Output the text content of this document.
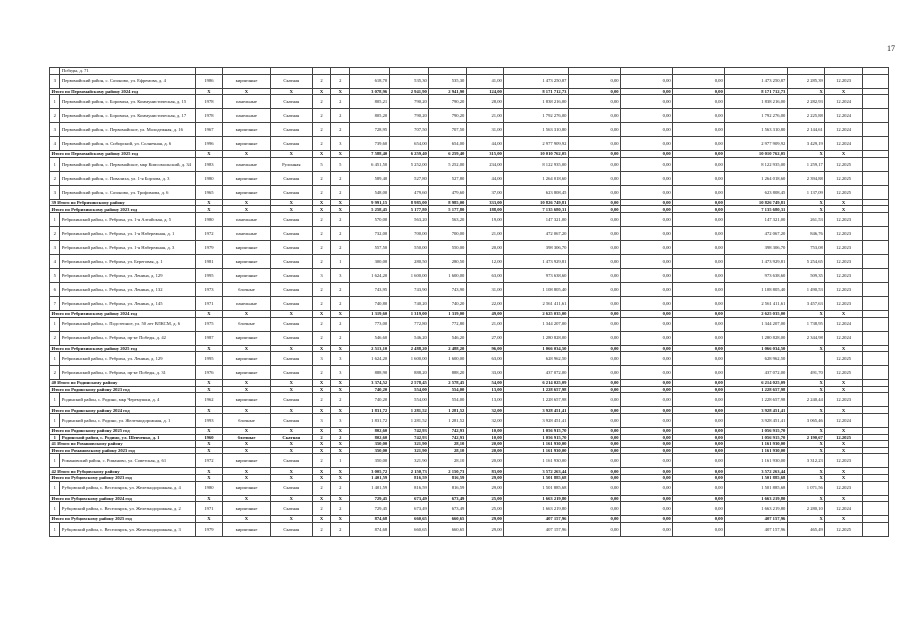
17
	Победы, д. 71																	
3	Первомайский район, с. Сазоново, ул. Ефремова, д. 4	1986	кирпичные	Скатная	2	2	618,70	535,30	535,30	41,00	1 473 250,87	0,00	0,00	0,00	1 473 250,87	2 285,39	12.2023	
Итого по Первомайскому району 2024 год		X	X	X	X	X	3 078,96	2 941,90	2 941,90	124,00	8 171 712,73	0,00	0,00	0,00	8 171 712,73	X	X	
1	Первомайский район, с. Боровиха, ул. Коммунистическая, д. 15	1978	панельные	Скатная	2	2	805,21	790,20	790,20	28,00	1 838 216,00	0,00	0,00	0,00	1 838 216,00	2 282,93	12.2024	
2	Первомайский район, с. Боровиха, ул. Коммунистическая, д. 17	1978	панельные	Скатная	2	2	805,20	790,20	790,20	21,00	1 792 276,00	0,00	0,00	0,00	1 792 276,00	2 225,88	12.2024	
3	Первомайский район, с. Первомайское, ул. Молодежная, д. 16	1967	кирпичные	Скатная	2	2	728,95	707,50	707,50	31,00	1 563 310,80	0,00	0,00	0,00	1 563 310,80	2 144,61	12.2024	
4	Первомайский район, п. Сибирский, ул. Солнечная, д. 6	1996	кирпичные	Скатная	2	3	739,60	654,00	654,00	44,00	2 977 909,92	0,00	0,00	0,00	2 977 909,92	3 429,19	12.2024	
Итого по Первомайскому району 2025 год		X	X	X	X	X	7 588,40	6 259,40	6 259,40	315,00	10 010 762,05	0,00	0,00	0,00	10 010 762,05	X	X	
1	Первомайский район, с. Первомайское, мкр Комсомольский, д. 34	1983	панельные	Рулонная	5	5	6 451,50	5 252,00	5 252,00	234,00	8 122 935,00	0,00	0,00	0,00	8 122 935,00	1 259,17	12.2025	
2	Первомайский район, с. Повалиха, ул. 1-я Борзова, д. 3	1980	кирпичные	Скатная	2	2	589,40	527,80	527,80	44,00	1 264 018,60	0,00	0,00	0,00	1 264 018,60	2 394,88	12.2025	
3	Первомайский район, с. Сазоново, ул. Трофимова, д. 6	1965	кирпичные	Скатная	2	2	548,00	479,60	479,60	37,00	623 808,45	0,00	0,00	0,00	623 808,45	1 137,09	12.2025	
39 Итого по Ребрихинскому району		X	X	X	X	X	9 991,15	8 985,00	8 985,00	333,00	10 826 749,81	0,00	0,00	0,00	10 826 749,81	X	X	
Итого по Ребрихинскому району 2023 год		X	X	X	X	X	5 258,45	5 177,80	5 177,80	188,00	7 135 680,31	0,00	0,00	0,00	7 135 680,31	X	X	
1	Ребрихинский район, с. Ребриха, ул. 1-я Алтайская, д. 5	1980	панельные	Скатная	2	2	570,00	563,20	563,20	19,00	147 321,00	0,00	0,00	0,00	147 321,00	261,53	12.2023	
2	Ребрихинский район, с. Ребриха, ул. 1-я Набережная, д. 1	1972	панельные	Скатная	2	2	732,00	700,00	700,00	21,00	472 067,20	0,00	0,00	0,00	472 067,20	846,76	12.2023	
3	Ребрихинский район, с. Ребриха, ул. 1-я Набережная, д. 3	1979	кирпичные	Скатная	2	2	557,50	550,00	550,00	20,00	398 306,70	0,00	0,00	0,00	398 306,70	753,08	12.2023	
4	Ребрихинский район, с. Ребриха, ул. Береговая, д. 1	1981	кирпичные	Скатная	2	1	300,00	280,50	280,50	12,00	1 473 929,81	0,00	0,00	0,00	1 473 929,81	5 254,65	12.2023	
5	Ребрихинский район, с. Ребриха, ул. Ленина, д. 129	1995	кирпичные	Скатная	3	3	1 624,20	1 600,00	1 600,00	63,00	973 638,60	0,00	0,00	0,00	973 638,60	509,35	12.2023	
6	Ребрихинский район, с. Ребриха, ул. Ленина, д. 132	1973	блочные	Скатная	2	2	743,95	743,90	743,90	31,00	1 108 805,40	0,00	0,00	0,00	1 108 805,40	1 490,53	12.2023	
7	Ребрихинский район, с. Ребриха, ул. Ленина, д. 145	1971	панельные	Скатная	2	2	740,80	740,20	740,20	22,00	2 561 411,61	0,00	0,00	0,00	2 561 411,61	3 457,63	12.2023	
Итого по Ребрихинскому району 2024 год		X	X	X	X	X	1 319,60	1 319,00	1 319,00	49,00	2 625 035,00	0,00	0,00	0,00	2 625 035,00	X	X	
1	Ребрихинский район, с. Подстепное, ул. 50 лет ВЛКСМ, д. 6	1975	блочные	Скатная	2	2	773,00	772,80	772,80	21,00	1 344 207,00	0,00	0,00	0,00	1 344 207,00	1 738,95	12.2024	
2	Ребрихинский район, с. Ребриха, пр-кт Победы, д. 42	1987	кирпичные	Скатная	2	2	546,60	546,20	546,20	27,00	1 280 828,00	0,00	0,00	0,00	1 280 828,00	2 344,98	12.2024	
Итого по Ребрихинскому району 2025 год		X	X	X	X	X	2 513,10	2 488,20	2 488,20	96,00	1 066 034,50	0,00	0,00	0,00	1 066 034,50	X	X	
1	Ребрихинский район, с. Ребриха, ул. Ленина, д. 129	1995	кирпичные	Скатная	3	3	1 624,20	1 600,00	1 600,00	63,00	628 962,50	0,00	0,00	0,00	628 962,50		12.2025	
2	Ребрихинский район, с. Ребриха, пр-кт Победы, д. 31	1976	кирпичные	Скатная	2	3	888,90	888,20	888,20	33,00	437 072,00	0,00	0,00	0,00	437 072,00	491,70	12.2025	
40 Итого по Родинскому району		X	X	X	X	X	3 374,52	2 578,45	2 578,45	54,00	6 214 025,09	0,00	0,00	0,00	6 214 025,09	X	X	
Итого по Родинскому району 2023 год		X	X	X	X	X	740,20	554,00	554,00	13,00	1 228 657,98	0,00	0,00	0,00	1 228 657,98	X	X	
1	Родинский район, с. Родино, мкр Черемушки, д. 4	1962	кирпичные	Скатная	2	2	740,20	554,00	554,00	13,00	1 228 657,98	0,00	0,00	0,00	1 228 657,98	2 240,44	12.2023	
Итого по Родинскому району 2024 год		X	X	X	X	X	1 831,72	1 281,52	1 281,52	32,00	3 928 451,41	0,00	0,00	0,00	3 928 451,41	X	X	
1	Родинский район, с. Родино, ул. Железнодорожная, д. 1	1993	блочные	Скатная	3	3	1 831,72	1 281,52	1 281,52	32,00	3 928 451,41	0,00	0,00	0,00	3 928 451,41	3 065,46	12.2024	
Итого по Родинскому району 2025 год		X	X	X	X	X	802,60	742,93	742,93	10,00	1 056 915,70	0,00	0,00	0,00	1 056 915,70	X	X	
1	Родинский район, с. Родино, ул. Шевченко, д. 1	1960	блочные	Скатная	2	2	802,60	742,93	742,93	10,00	1 056 915,70	0,00	0,00	0,00	1 056 915,70	2 190,67	12.2025	
41 Итого по Романовскому району		X	X	X	X	X	350,00	321,90	28,10	20,00	1 161 930,00	0,00	0,00	0,00	1 161 930,00	X	X	
Итого по Романовскому району 2023 год		X	X	X	X	X	350,00	321,90	28,10	20,00	1 161 930,00	0,00	0,00	0,00	1 161 930,00	X	X	
1	Романовский район, с. Романово, ул. Советская, д. 61	1972	кирпичные	Скатная	2	1	350,00	321,90	28,10	20,00	1 161 930,00	0,00	0,00	0,00	1 161 930,00	3 312,23	12.2023	
42 Итого по Рубцовскому району		X	X	X	X	X	3 005,72	2 150,73	2 150,73	83,00	3 572 263,44	0,00	0,00	0,00	3 572 263,44	X	X	
Итого по Рубцовскому району 2023 год		X	X	X	X	X	1 401,59	816,59	816,59	29,00	1 501 885,68	0,00	0,00	0,00	1 501 885,68	X	X	
1	Рубцовский район, с. Веселоярск, ул. Железнодорожная, д. 4	1980	кирпичные	Скатная	2	2	1 401,59	816,59	816,59	29,00	1 501 885,68	0,00	0,00	0,00	1 501 885,68	1 071,56	12.2023	
Итого по Рубцовскому району 2024 год		X	X	X	X	X	729,45	673,49	673,49	25,00	1 663 219,80	0,00	0,00	0,00	1 663 219,80	X	X	
1	Рубцовский район, с. Веселоярск, ул. Железнодорожная, д. 2	1971	кирпичные	Скатная	2	2	729,45	673,49	673,49	25,00	1 663 219,80	0,00	0,00	0,00	1 663 219,80	2 280,10	12.2024	
Итого по Рубцовскому району 2025 год		X	X	X	X	X	874,68	660,65	660,65	29,00	407 157,96	0,00	0,00	0,00	407 157,96	X	X	
1	Рубцовский район, с. Веселоярск, ул. Железнодорожная, д. 3	1979	кирпичные	Скатная	2	2	874,68	660,65	660,65	29,00	407 157,96	0,00	0,00	0,00	407 157,96	465,49	12.2025	
